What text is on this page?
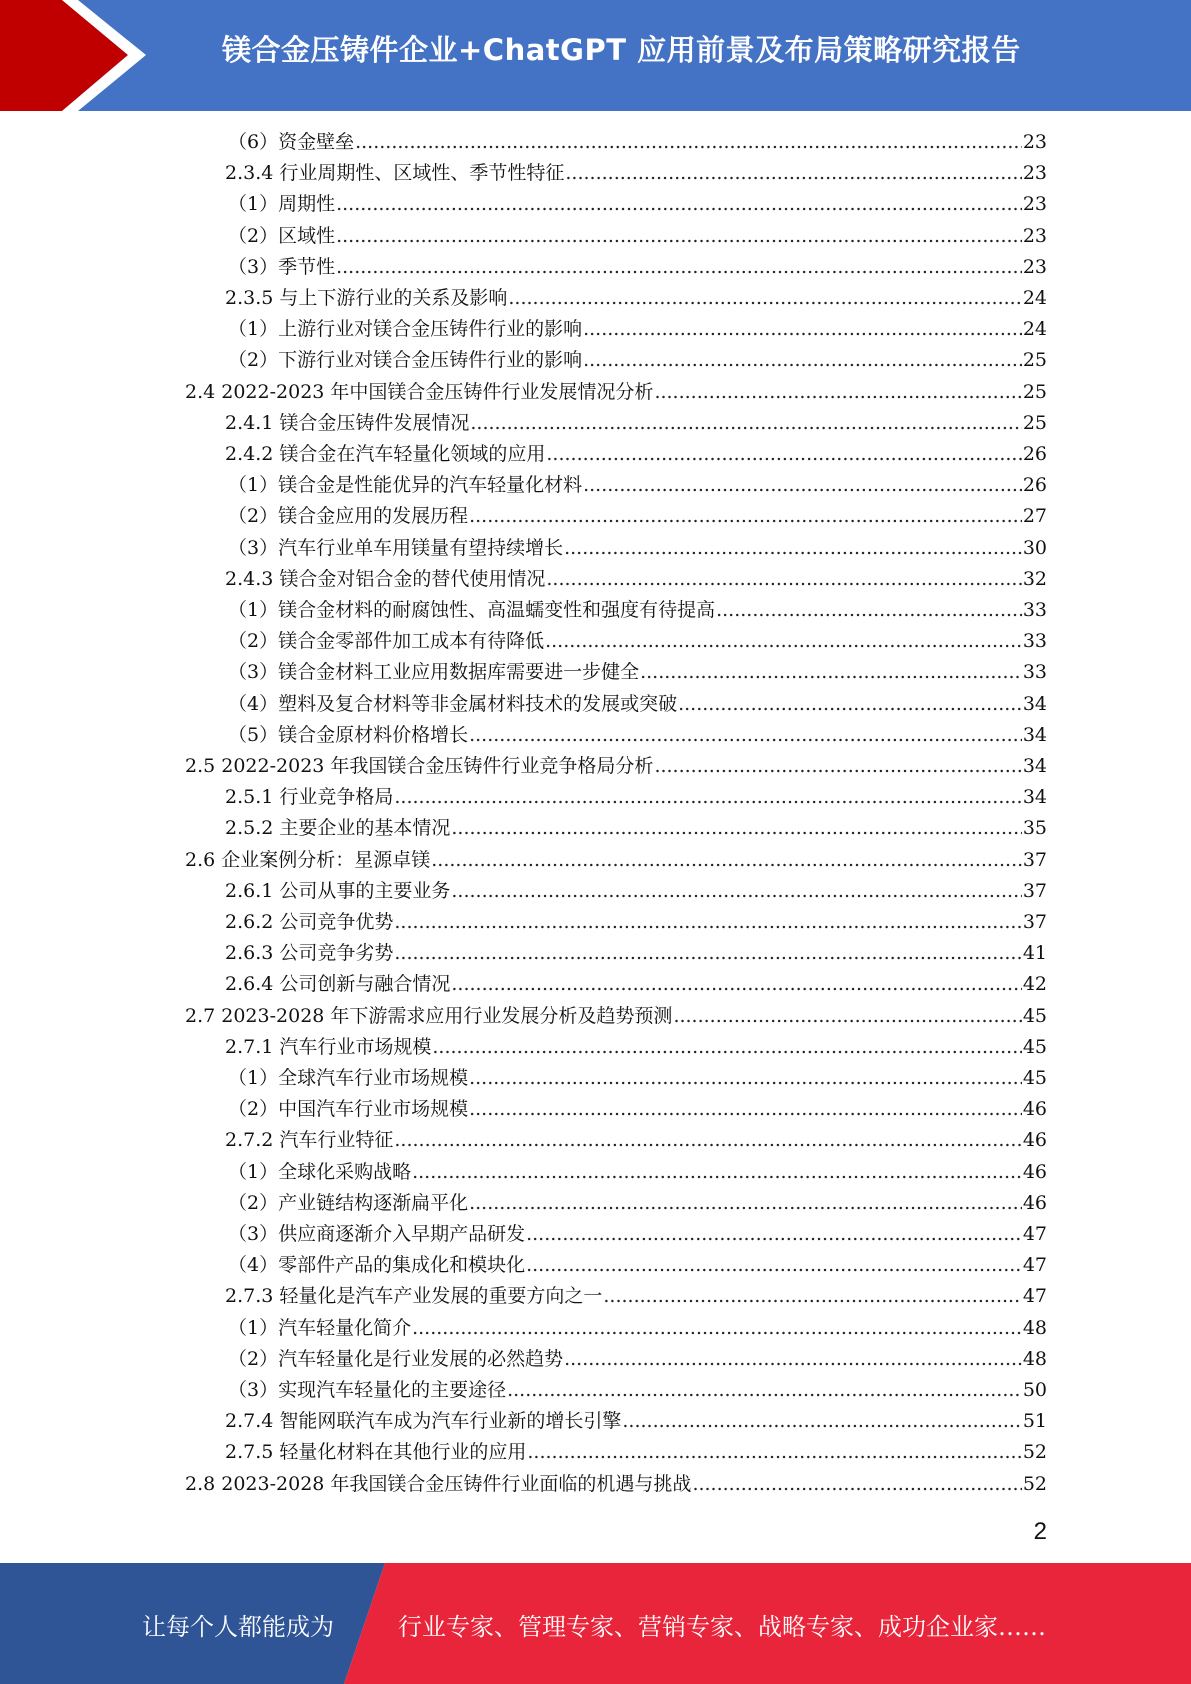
镁合金压铸件企业+ChatGPT 应用前景及布局策略研究报告
（6）资金壁垒 .....	23
2.3.4 行业周期性、区域性、季节性特征 .....	23
（1）周期性 .....	23
（2）区域性 .....	23
（3）季节性 .....	23
2.3.5 与上下游行业的关系及影响 .....	24
（1）上游行业对镁合金压铸件行业的影响 .....	24
（2）下游行业对镁合金压铸件行业的影响 .....	25
2.4 2022-2023 年中国镁合金压铸件行业发展情况分析 .....	25
2.4.1 镁合金压铸件发展情况 .....	25
2.4.2 镁合金在汽车轻量化领域的应用 .....	26
（1）镁合金是性能优异的汽车轻量化材料 .....	26
（2）镁合金应用的发展历程 .....	27
（3）汽车行业单车用镁量有望持续增长 .....	30
2.4.3 镁合金对铝合金的替代使用情况 .....	32
（1）镁合金材料的耐腐蚀性、高温蠕变性和强度有待提高 .....	33
（2）镁合金零部件加工成本有待降低 .....	33
（3）镁合金材料工业应用数据库需要进一步健全 .....	33
（4）塑料及复合材料等非金属材料技术的发展或突破 .....	34
（5）镁合金原材料价格增长 .....	34
2.5 2022-2023 年我国镁合金压铸件行业竞争格局分析 .....	34
2.5.1 行业竞争格局 .....	34
2.5.2 主要企业的基本情况 .....	35
2.6 企业案例分析：星源卓镁 .....	37
2.6.1 公司从事的主要业务 .....	37
2.6.2 公司竞争优势 .....	37
2.6.3 公司竞争劣势 .....	41
2.6.4 公司创新与融合情况 .....	42
2.7 2023-2028 年下游需求应用行业发展分析及趋势预测 .....	45
2.7.1 汽车行业市场规模 .....	45
（1）全球汽车行业市场规模 .....	45
（2）中国汽车行业市场规模 .....	46
2.7.2 汽车行业特征 .....	46
（1）全球化采购战略 .....	46
（2）产业链结构逐渐扁平化 .....	46
（3）供应商逐渐介入早期产品研发 .....	47
（4）零部件产品的集成化和模块化 .....	47
2.7.3 轻量化是汽车产业发展的重要方向之一 .....	47
（1）汽车轻量化简介 .....	48
（2）汽车轻量化是行业发展的必然趋势 .....	48
（3）实现汽车轻量化的主要途径 .....	50
2.7.4 智能网联汽车成为汽车行业新的增长引擎 .....	51
2.7.5 轻量化材料在其他行业的应用 .....	52
2.8 2023-2028 年我国镁合金压铸件行业面临的机遇与挑战 .....	52
2
让每个人都能成为	行业专家、管理专家、营销专家、战略专家、成功企业家……
